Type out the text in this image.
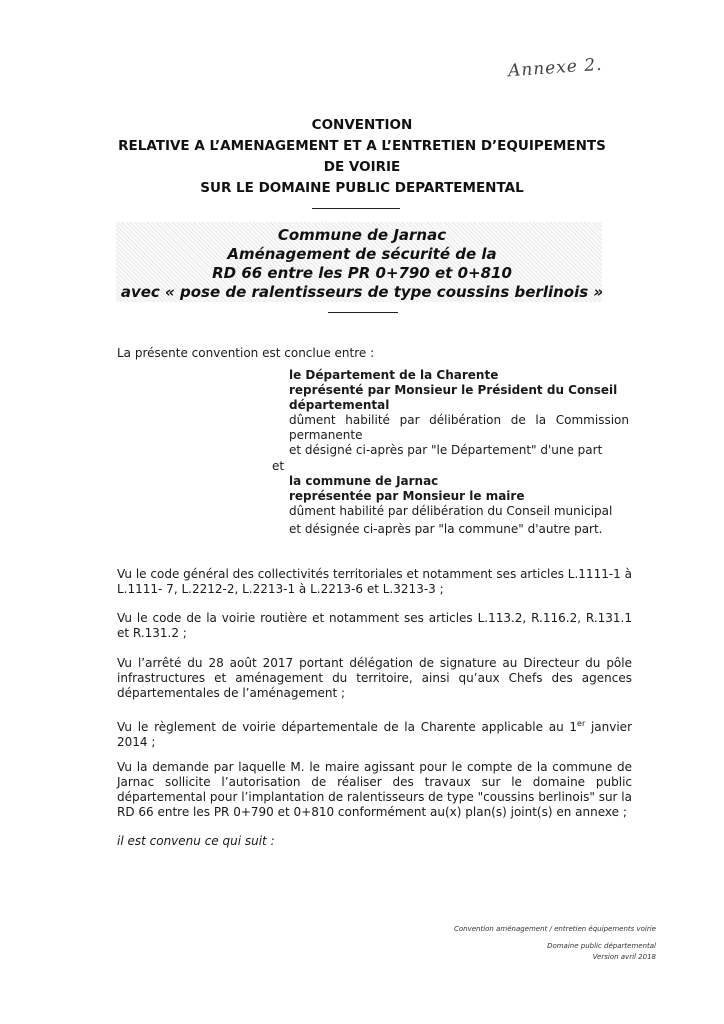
Annexe 2.
CONVENTION
RELATIVE A L’AMENAGEMENT ET A L’ENTRETIEN D’EQUIPEMENTS
DE VOIRIE
SUR LE DOMAINE PUBLIC DEPARTEMENTAL
Commune de Jarnac
Aménagement de sécurité de la
RD 66 entre les PR 0+790 et 0+810
avec « pose de ralentisseurs de type coussins berlinois »
La présente convention est conclue entre :
le Département de la Charente
représenté par Monsieur le Président du Conseil
départemental
dûment habilité par délibération de la Commission
permanente
et désigné ci-après par "le Département" d'une part
et
la commune de Jarnac
représentée par Monsieur le maire
dûment habilité par délibération du Conseil municipal
et désignée ci-après par "la commune" d'autre part.
Vu le code général des collectivités territoriales et notamment ses articles L.1111-1 à L.1111- 7, L.2212-2, L.2213-1 à L.2213-6 et L.3213-3 ;
Vu le code de la voirie routière et notamment ses articles L.113.2, R.116.2, R.131.1 et R.131.2 ;
Vu l’arrêté du 28 août 2017 portant délégation de signature au Directeur du pôle infrastructures et aménagement du territoire, ainsi qu’aux Chefs des agences départementales de l’aménagement ;
Vu le règlement de voirie départementale de la Charente applicable au 1er janvier 2014 ;
Vu la demande par laquelle M. le maire agissant pour le compte de la commune de Jarnac sollicite l’autorisation de réaliser des travaux sur le domaine public départemental pour l’implantation de ralentisseurs de type "coussins berlinois" sur la RD 66 entre les PR 0+790 et 0+810 conformément au(x) plan(s) joint(s) en annexe ;
il est convenu ce qui suit :
Convention aménagement / entretien équipements voirie
Domaine public départemental
Version avril 2018
